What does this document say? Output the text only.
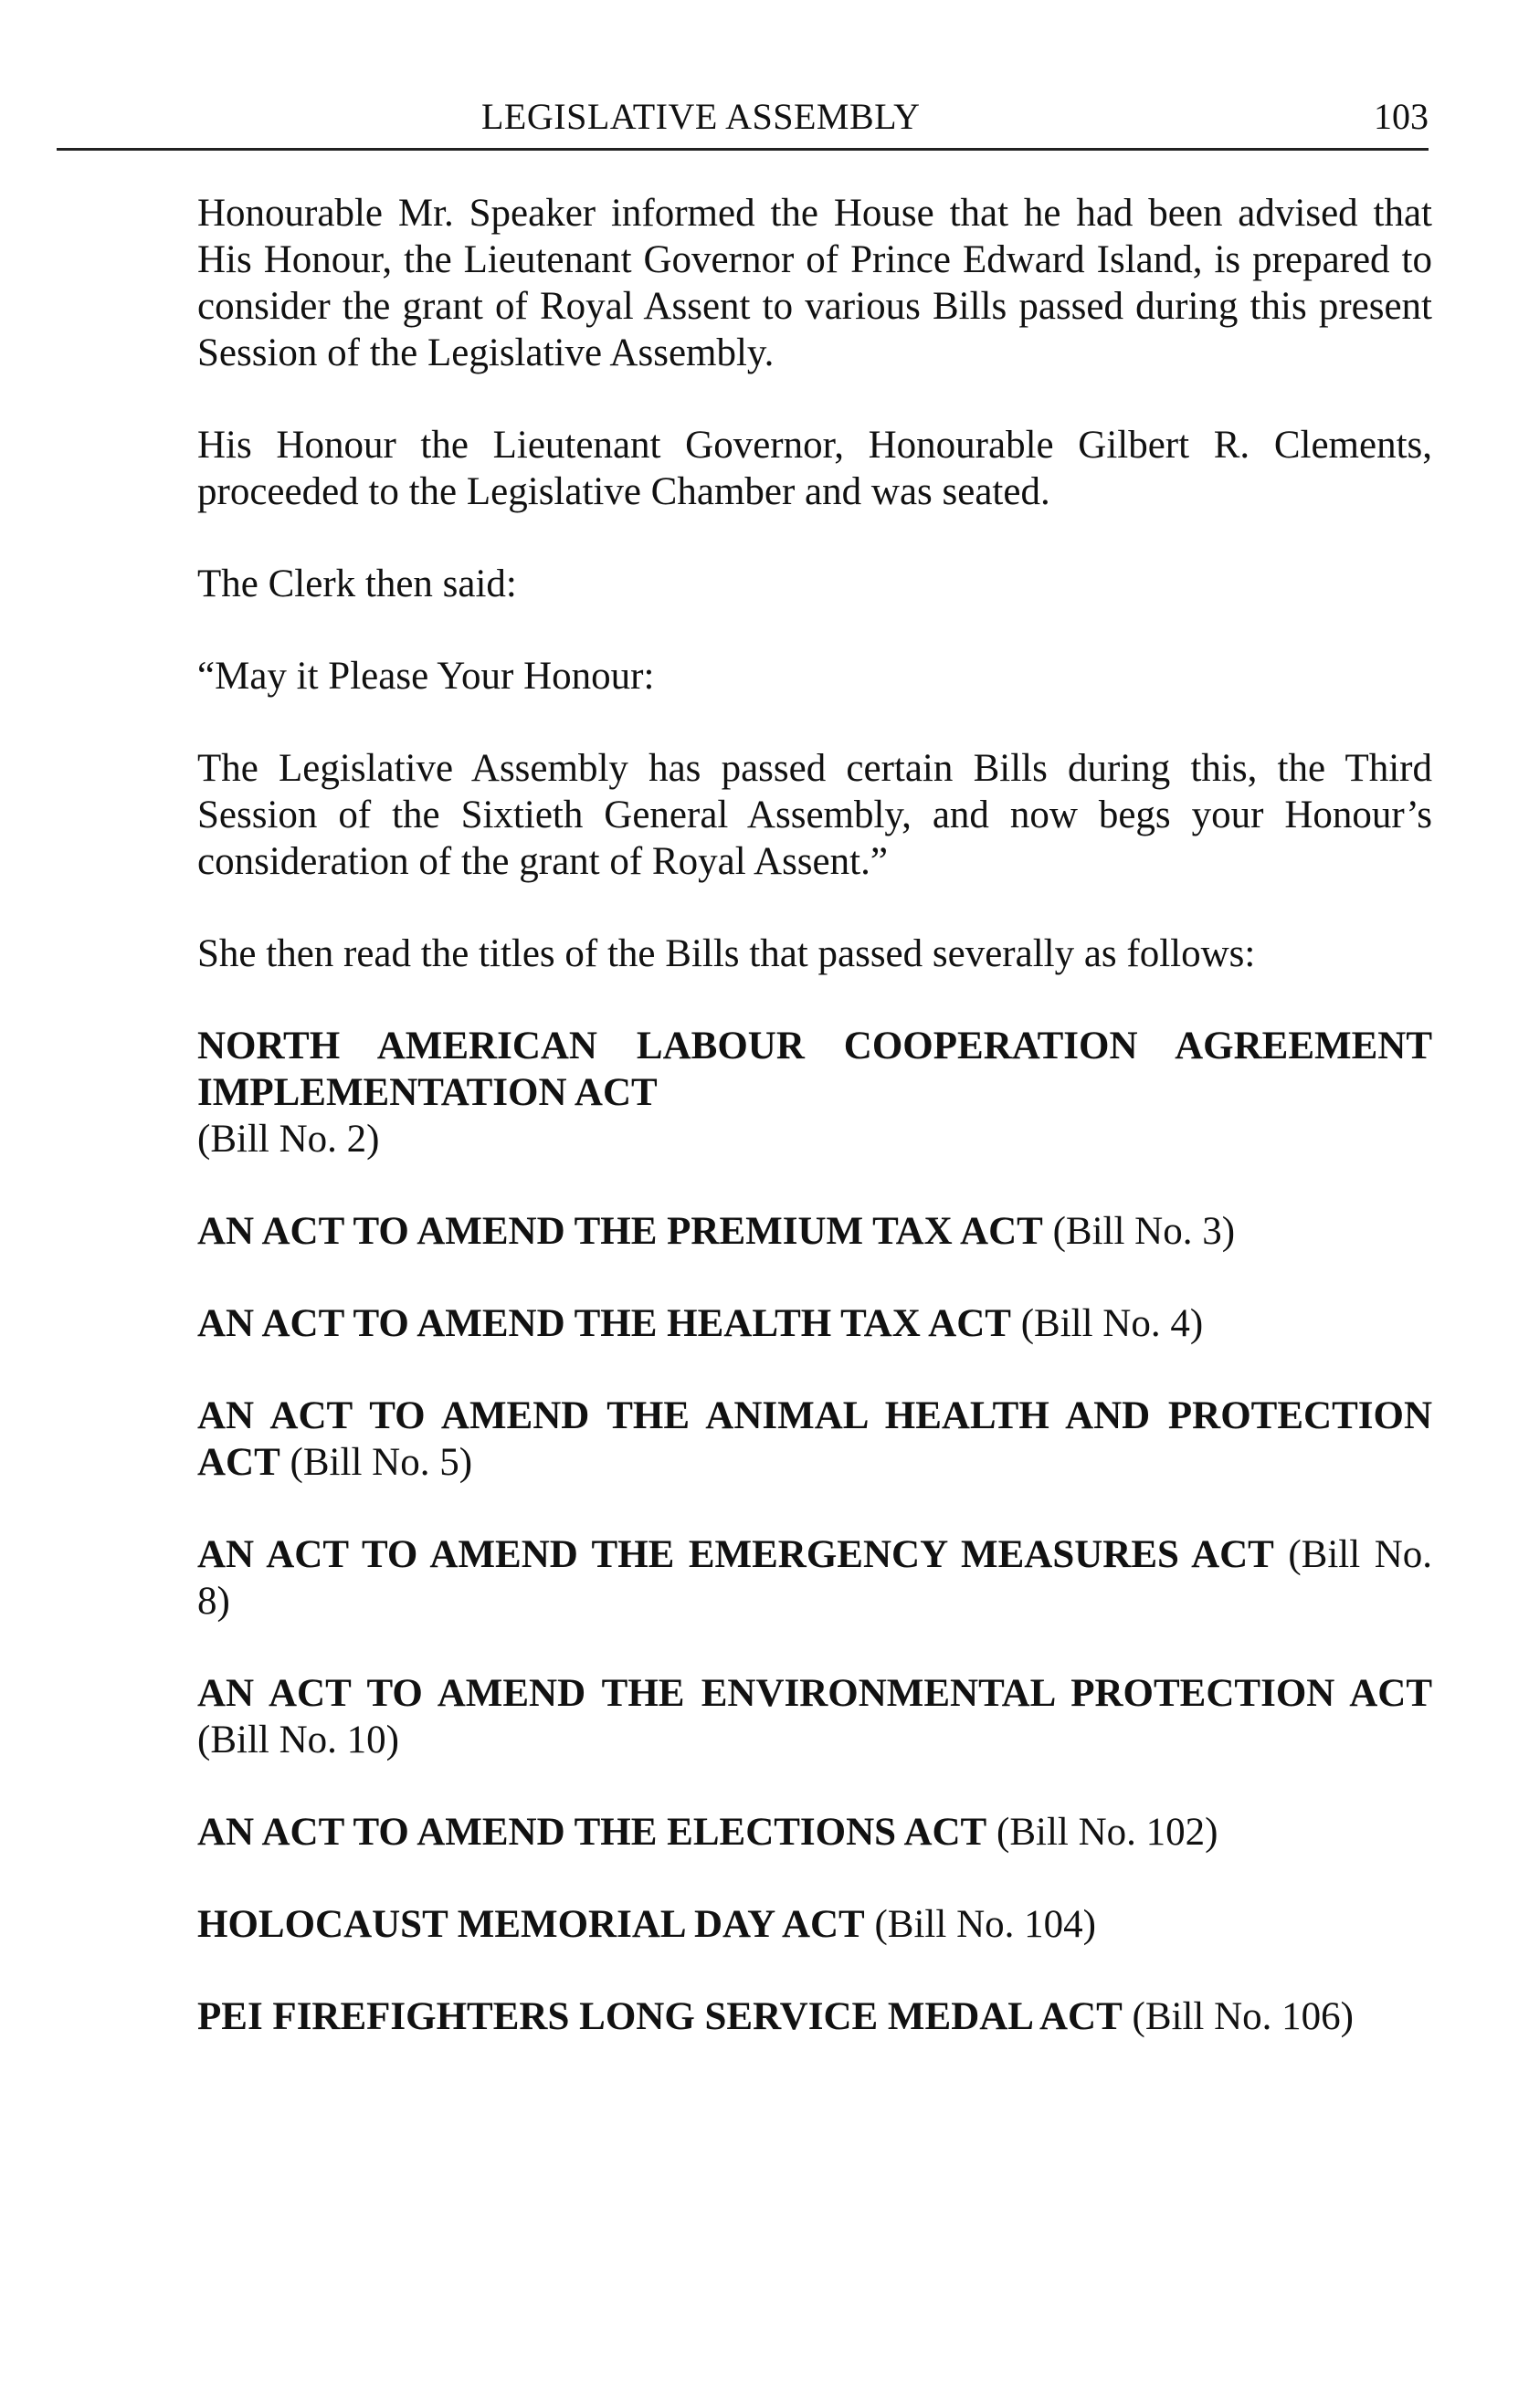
LEGISLATIVE ASSEMBLY	103

Honourable Mr. Speaker informed the House that he had been advised that His Honour, the Lieutenant Governor of Prince Edward Island, is prepared to consider the grant of Royal Assent to various Bills passed during this present Session of the Legislative Assembly.

His Honour the Lieutenant Governor, Honourable Gilbert R. Clements, proceeded to the Legislative Chamber and was seated.

The Clerk then said:

“May it Please Your Honour:

The Legislative Assembly has passed certain Bills during this, the Third Session of the Sixtieth General Assembly, and now begs your Honour’s consideration of the grant of Royal Assent.”

She then read the titles of the Bills that passed severally as follows:

NORTH AMERICAN LABOUR COOPERATION AGREEMENT IMPLEMENTATION ACT
(Bill No. 2)

AN ACT TO AMEND THE PREMIUM TAX ACT (Bill No. 3)

AN ACT TO AMEND THE HEALTH TAX ACT (Bill No. 4)

AN ACT TO AMEND THE ANIMAL HEALTH AND PROTECTION ACT (Bill No. 5)

AN ACT TO AMEND THE EMERGENCY MEASURES ACT (Bill No. 8)

AN ACT TO AMEND THE ENVIRONMENTAL PROTECTION ACT (Bill No. 10)

AN ACT TO AMEND THE ELECTIONS ACT (Bill No. 102)

HOLOCAUST MEMORIAL DAY ACT (Bill No. 104)

PEI FIREFIGHTERS LONG SERVICE MEDAL ACT (Bill No. 106)
